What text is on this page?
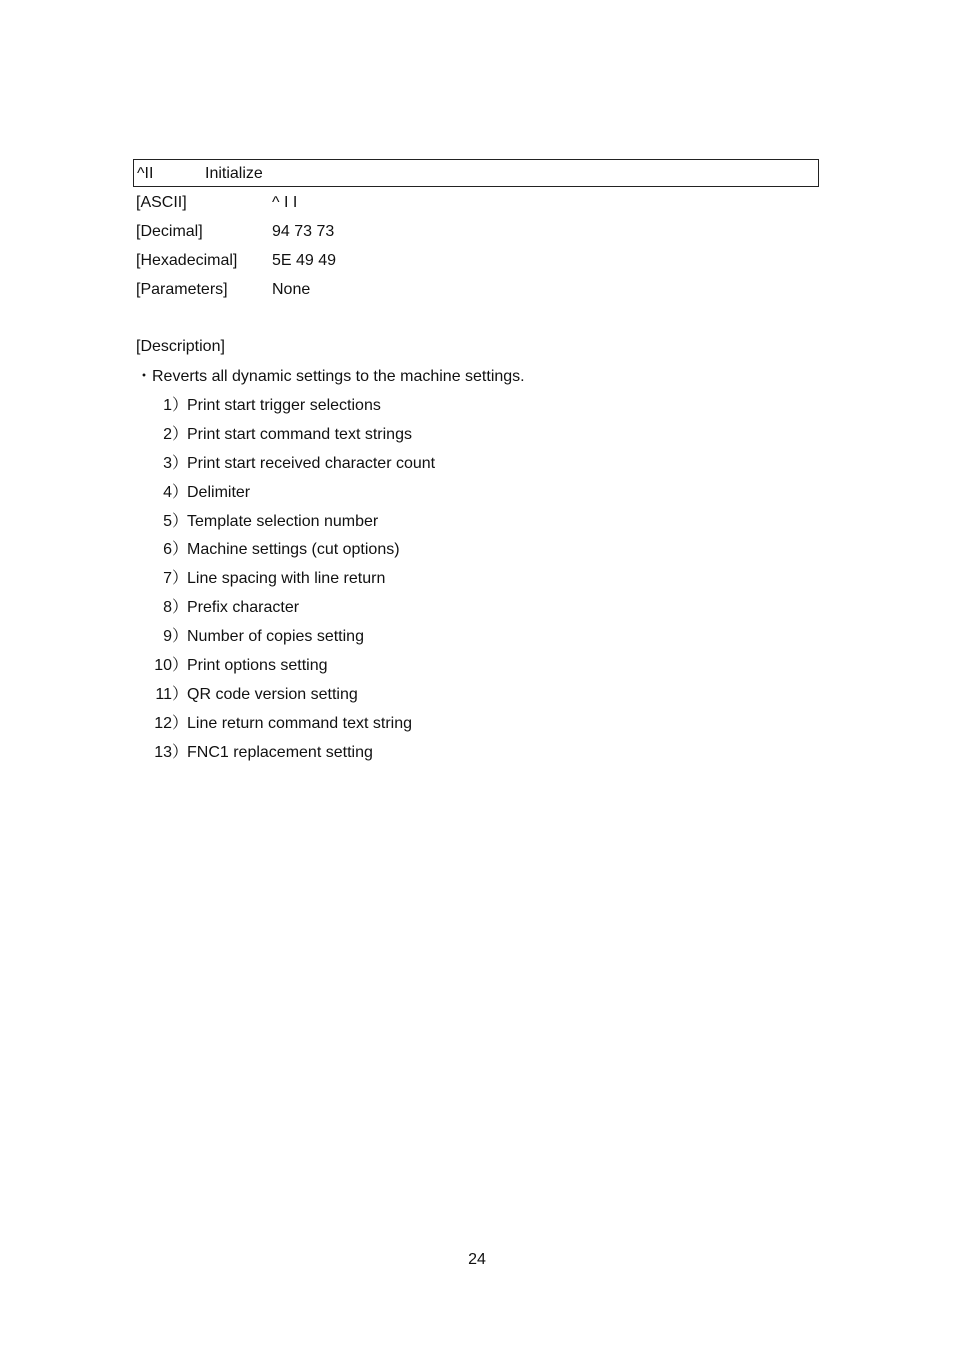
^II	Initialize
[ASCII]	^ I I
[Decimal]	94 73 73
[Hexadecimal]	5E 49 49
[Parameters]	None
[Description]
・Reverts all dynamic settings to the machine settings.
1 ）
Print start trigger selections
2 ）
Print start command text strings
3 ）
Print start received character count
4 ）
Delimiter
5 ）
Template selection number
6 ）
Machine settings (cut options)
7 ）
Line spacing with line return
8 ）
Prefix character
9 ）
Number of copies setting
10 ）
Print options setting
11 ）
QR code version setting
12 ）
Line return command text string
13 ）
FNC1 replacement setting
24
